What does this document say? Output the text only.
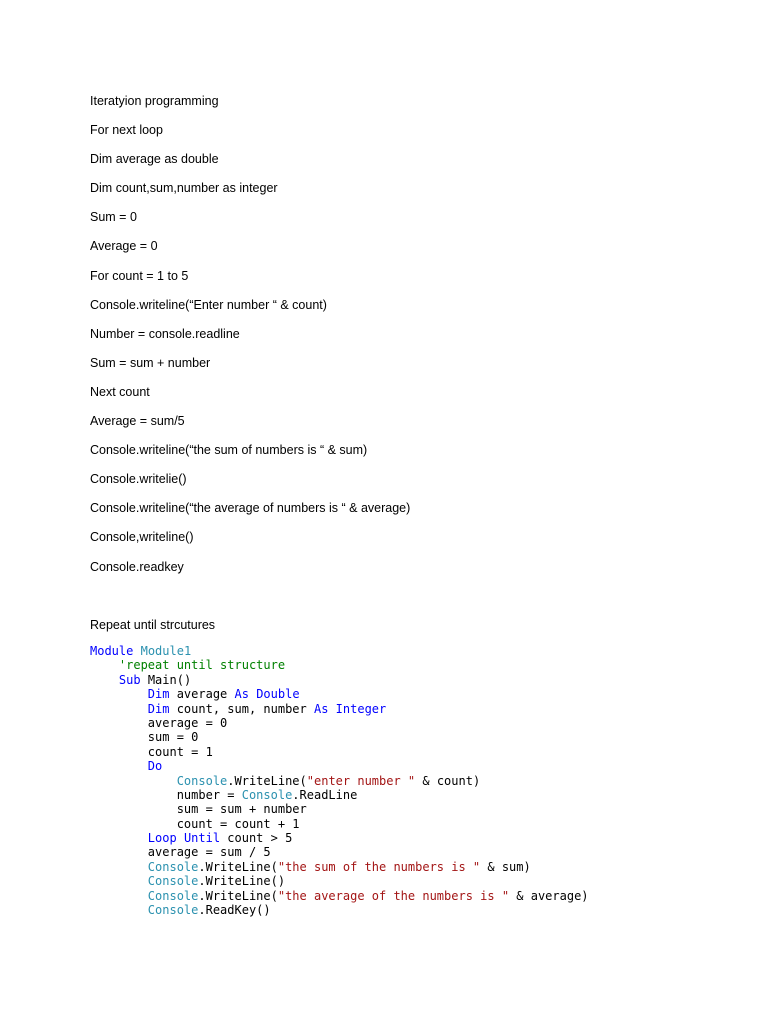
Iteratyion programming
For next loop
Dim average as double
Dim count,sum,number as integer
Sum = 0
Average = 0
For count = 1 to 5
Console.writeline(“Enter number “ & count)
Number = console.readline
Sum = sum + number
Next count
Average = sum/5
Console.writeline(“the sum of numbers is “ & sum)
Console.writelie()
Console.writeline(“the average of numbers is “ & average)
Console,writeline()
Console.readkey
Repeat until strcutures
Module Module1
'repeat until structure
Sub Main()
Dim average As Double
Dim count, sum, number As Integer
average = 0
sum = 0
count = 1
Do
Console.WriteLine("enter number " & count)
number = Console.ReadLine
sum = sum + number
count = count + 1
Loop Until count > 5
average = sum / 5
Console.WriteLine("the sum of the numbers is " & sum)
Console.WriteLine()
Console.WriteLine("the average of the numbers is " & average)
Console.ReadKey()
